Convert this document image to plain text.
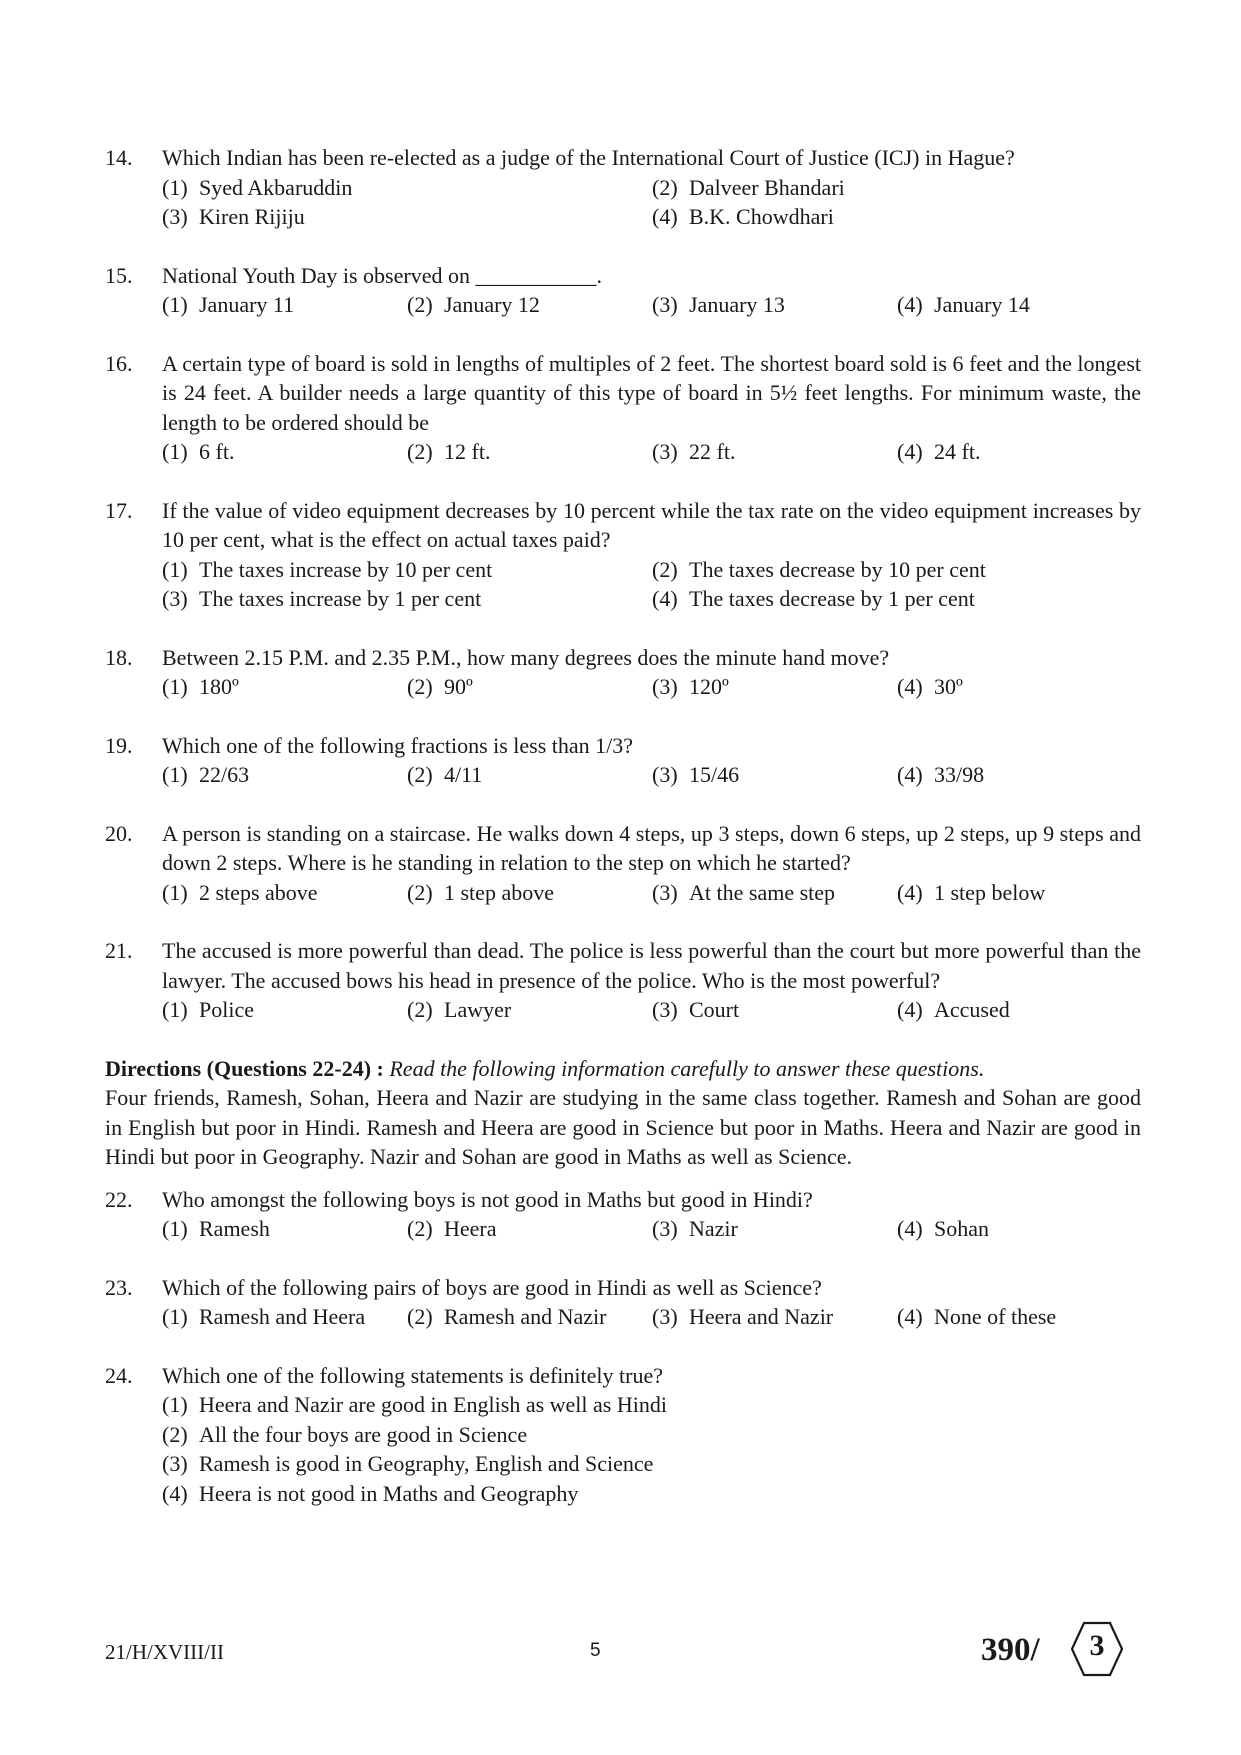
14. Which Indian has been re-elected as a judge of the International Court of Justice (ICJ) in Hague?
(1) Syed Akbaruddin	(2) Dalveer Bhandari
(3) Kiren Rijiju	(4) B.K. Chowdhari
15. National Youth Day is observed on ___________.
(1) January 11	(2) January 12	(3) January 13	(4) January 14
16. A certain type of board is sold in lengths of multiples of 2 feet. The shortest board sold is 6 feet and the longest is 24 feet. A builder needs a large quantity of this type of board in 5½ feet lengths. For minimum waste, the length to be ordered should be
(1) 6 ft.	(2) 12 ft.	(3) 22 ft.	(4) 24 ft.
17. If the value of video equipment decreases by 10 percent while the tax rate on the video equipment increases by 10 per cent, what is the effect on actual taxes paid?
(1) The taxes increase by 10 per cent	(2) The taxes decrease by 10 per cent
(3) The taxes increase by 1 per cent	(4) The taxes decrease by 1 per cent
18. Between 2.15 P.M. and 2.35 P.M., how many degrees does the minute hand move?
(1) 180º	(2) 90º	(3) 120º	(4) 30º
19. Which one of the following fractions is less than 1/3?
(1) 22/63	(2) 4/11	(3) 15/46	(4) 33/98
20. A person is standing on a staircase. He walks down 4 steps, up 3 steps, down 6 steps, up 2 steps, up 9 steps and down 2 steps. Where is he standing in relation to the step on which he started?
(1) 2 steps above	(2) 1 step above	(3) At the same step	(4) 1 step below
21. The accused is more powerful than dead. The police is less powerful than the court but more powerful than the lawyer. The accused bows his head in presence of the police. Who is the most powerful?
(1) Police	(2) Lawyer	(3) Court	(4) Accused
Directions (Questions 22-24) : Read the following information carefully to answer these questions.
Four friends, Ramesh, Sohan, Heera and Nazir are studying in the same class together. Ramesh and Sohan are good in English but poor in Hindi. Ramesh and Heera are good in Science but poor in Maths. Heera and Nazir are good in Hindi but poor in Geography. Nazir and Sohan are good in Maths as well as Science.
22. Who amongst the following boys is not good in Maths but good in Hindi?
(1) Ramesh	(2) Heera	(3) Nazir	(4) Sohan
23. Which of the following pairs of boys are good in Hindi as well as Science?
(1) Ramesh and Heera	(2) Ramesh and Nazir	(3) Heera and Nazir	(4) None of these
24. Which one of the following statements is definitely true?
(1) Heera and Nazir are good in English as well as Hindi
(2) All the four boys are good in Science
(3) Ramesh is good in Geography, English and Science
(4) Heera is not good in Maths and Geography
21/H/XVIII/II	5	390/	3
